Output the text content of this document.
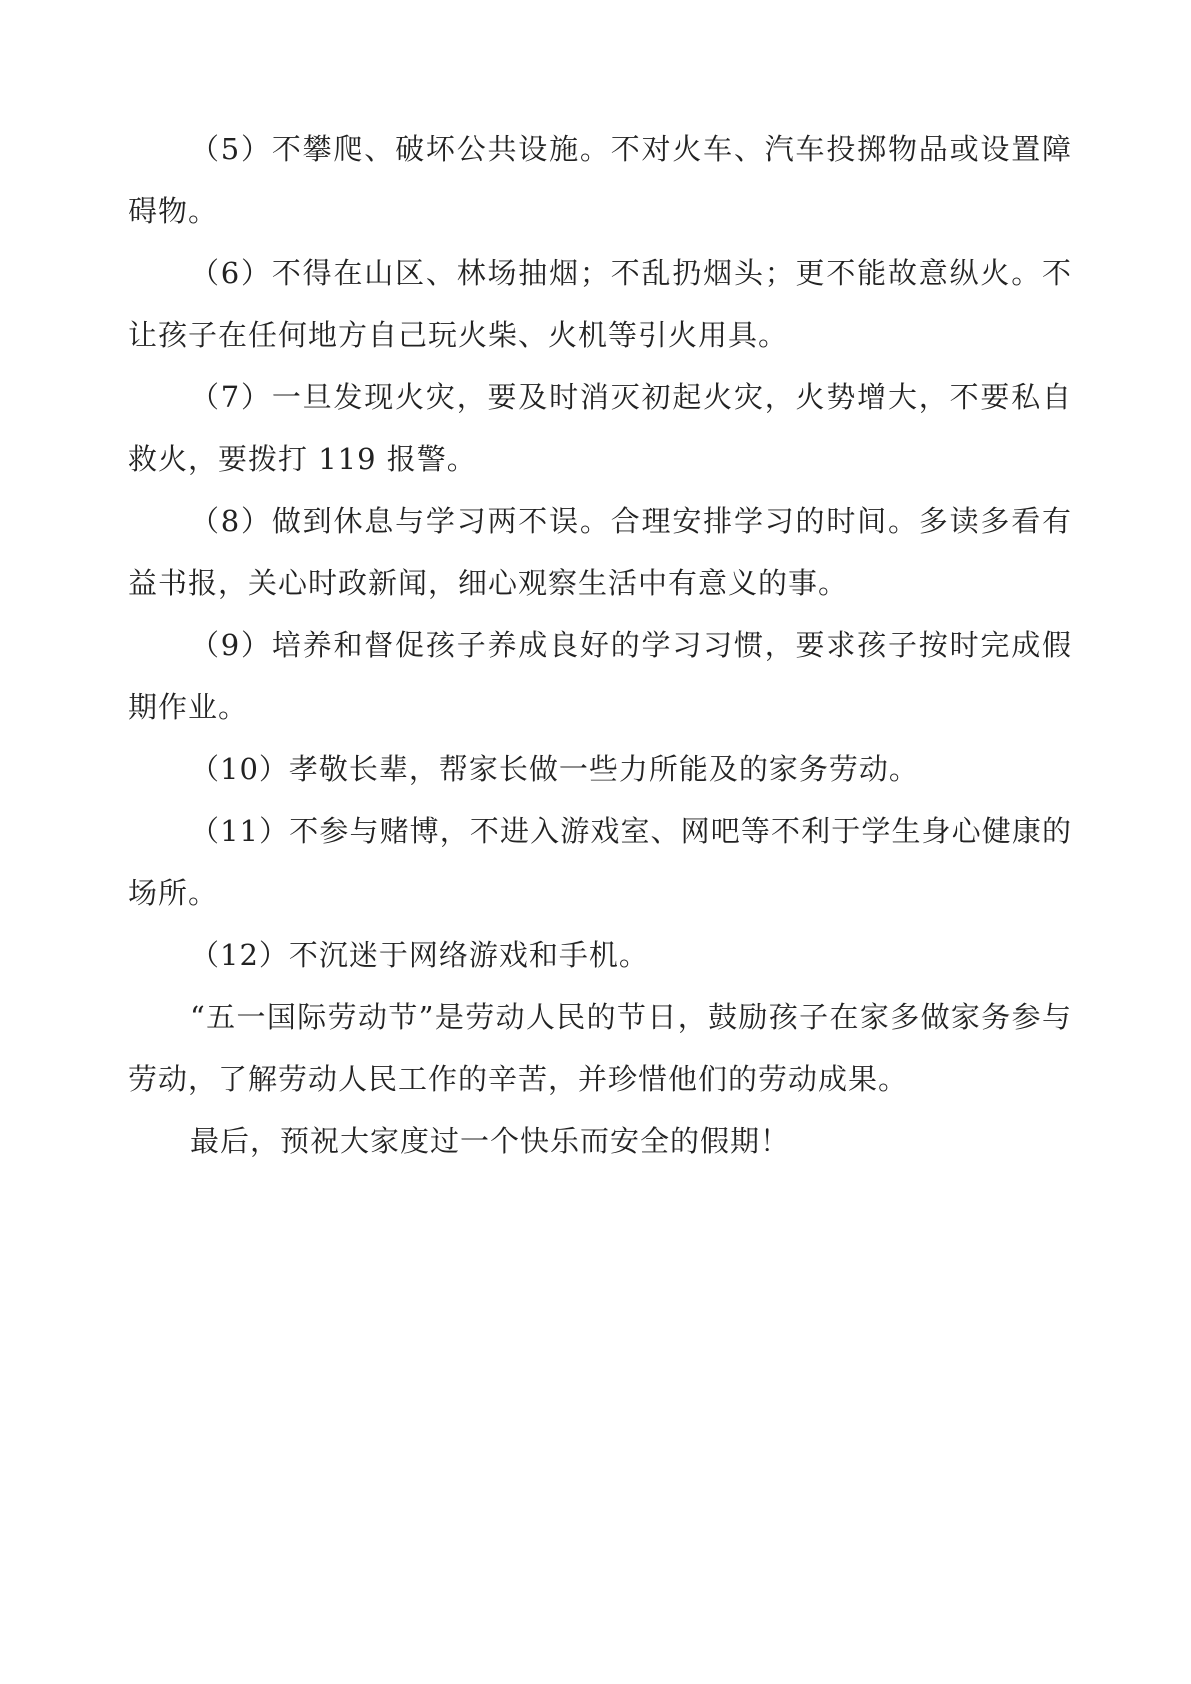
（5）不攀爬、破坏公共设施。不对火车、汽车投掷物品或设置障碍物。

（6）不得在山区、林场抽烟；不乱扔烟头；更不能故意纵火。不让孩子在任何地方自己玩火柴、火机等引火用具。

（7）一旦发现火灾，要及时消灭初起火灾，火势增大，不要私自救火，要拨打 119 报警。

（8）做到休息与学习两不误。合理安排学习的时间。多读多看有益书报，关心时政新闻，细心观察生活中有意义的事。

（9）培养和督促孩子养成良好的学习习惯，要求孩子按时完成假期作业。

（10）孝敬长辈，帮家长做一些力所能及的家务劳动。

（11）不参与赌博，不进入游戏室、网吧等不利于学生身心健康的场所。

（12）不沉迷于网络游戏和手机。

“五一国际劳动节”是劳动人民的节日，鼓励孩子在家多做家务参与劳动，了解劳动人民工作的辛苦，并珍惜他们的劳动成果。

最后，预祝大家度过一个快乐而安全的假期！
